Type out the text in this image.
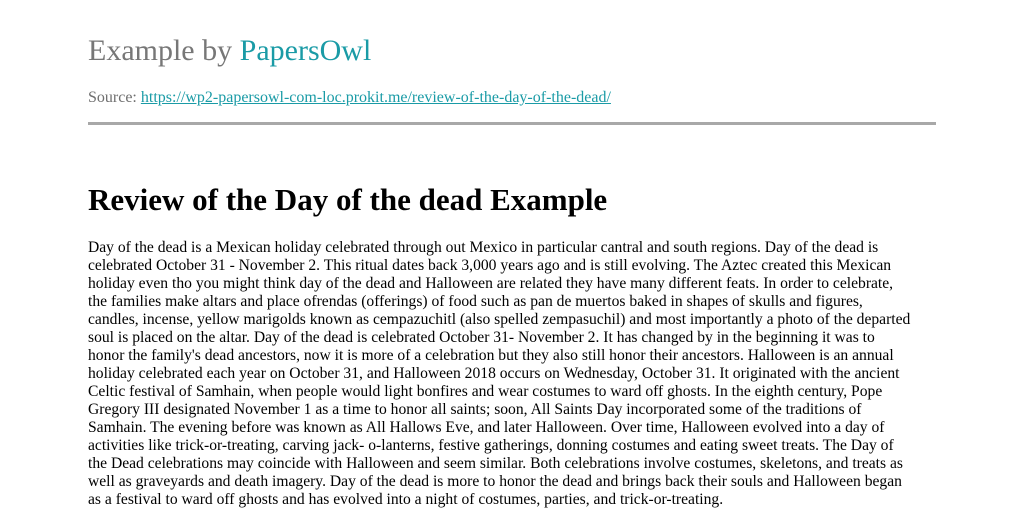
Example by PapersOwl
Source: https://wp2-papersowl-com-loc.prokit.me/review-of-the-day-of-the-dead/
Review of the Day of the dead Example
Day of the dead is a Mexican holiday celebrated through out Mexico in particular cantral and south regions. Day of the dead is
celebrated October 31 - November 2. This ritual dates back 3,000 years ago and is still evolving. The Aztec created this Mexican
holiday even tho you might think day of the dead and Halloween are related they have many different feats. In order to celebrate,
the families make altars and place ofrendas (offerings) of food such as pan de muertos baked in shapes of skulls and figures,
candles, incense, yellow marigolds known as cempazuchitl (also spelled zempasuchil) and most importantly a photo of the departed
soul is placed on the altar. Day of the dead is celebrated October 31- November 2. It has changed by in the beginning it was to
honor the family's dead ancestors, now it is more of a celebration but they also still honor their ancestors. Halloween is an annual
holiday celebrated each year on October 31, and Halloween 2018 occurs on Wednesday, October 31. It originated with the ancient
Celtic festival of Samhain, when people would light bonfires and wear costumes to ward off ghosts. In the eighth century, Pope
Gregory III designated November 1 as a time to honor all saints; soon, All Saints Day incorporated some of the traditions of
Samhain. The evening before was known as All Hallows Eve, and later Halloween. Over time, Halloween evolved into a day of
activities like trick-or-treating, carving jack- o-lanterns, festive gatherings, donning costumes and eating sweet treats. The Day of
the Dead celebrations may coincide with Halloween and seem similar. Both celebrations involve costumes, skeletons, and treats as
well as graveyards and death imagery. Day of the dead is more to honor the dead and brings back their souls and Halloween began
as a festival to ward off ghosts and has evolved into a night of costumes, parties, and trick-or-treating.
